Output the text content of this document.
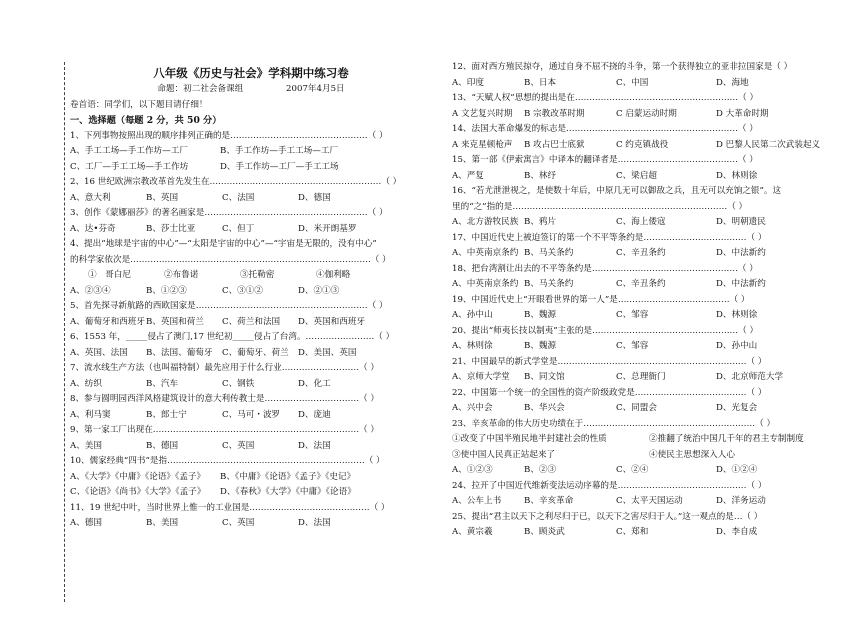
八年级《历史与社会》学科期中练习卷
命题：初二社会备课组	2007年4月5日
卷首语：同学们，以下题目请仔细！
一、选择题（每题 2 分，共 50 分）
1、下列事物按照出现的顺序排列正确的是…………………………………………（ ）
A、手工工场—手工作坊—工厂	B、手工作坊—手工工场—工厂
C、工厂—手工工场—手工作坊	D、手工作坊—工厂—手工工场
2、16 世纪欧洲宗教改革首先发生在……………………………………………………（ ）
A、意大利	B、英国	C、法国	D、德国
3、创作《蒙娜丽莎》的著名画家是…………………………………………………（ ）
A、达•芬奇	B、莎士比亚	C、但丁	D、米开朗基罗
4、提出“地球是宇宙的中心”—“太阳是宇宙的中心”—“宇宙是无限的，没有中心”
的科学家依次是…………………………………………………………………………（ ）
①　哥白尼	②布鲁诺	③托勒密	④伽利略
A、②③④	B、①②③	C、③①②	D、②①③
5、首先探寻新航路的西欧国家是……………………………………………………（ ）
A、葡萄牙和西班牙 B、英国和荷兰	C、荷兰和法国	D、英国和西班牙
6、1553 年，_____侵占了澳门,17 世纪初_____侵占了台湾。……………………（ ）
A、英国、法国	B、法国、葡萄牙	C、葡萄牙、荷兰	D、美国、英国
7、流水线生产方法（也叫福特制）最先应用于什么行业………………………（ ）
A、纺织	B、汽车	C、钢铁	D、化工
8、参与圆明园西洋风格建筑设计的意大利传教士是……………………………（ ）
A、利马窦	B、郎士宁	C、马可・波罗	D、庞迪
9、第一家工厂出现在………………………………………………………………（ ）
A、美国	B、德国	C、英国	D、法国
10、儒家经典“四书”是指……………………………………………………………（ ）
A、《大学》《中庸》《论语》《孟子》	B、《中庸》《论语》《孟子》《史记》
C、《论语》《尚书》《大学》《孟子》	D、《春秋》《大学》《中庸》《论语》
11、19 世纪中叶，当时世界上惟一的工业国是……………………………………（ ）
A、德国	B、美国	C、英国	D、法国
12、面对西方殖民掠夺，通过自身不屈不挠的斗争，第一个获得独立的亚非拉国家是（ ）
A、印度	B、日本	C、中国	D、海地
13、“天赋人权”思想的提出是在…………………………………………………（ ）
A 文艺复兴时期	B 宗教改革时期	C 启蒙运动时期	D 大革命时期
14、法国大革命爆发的标志是……………………………………………………（ ）
A 来克星顿枪声	B 攻占巴士底狱	C 约克镇战役	D 巴黎人民第二次武装起义
15、第一部《伊索寓言》中译本的翻译者是……………………………………（ ）
A、严复	B、林纾	C、梁启超	D、林则徐
16、“若尤泄泄视之，是使数十年后，中原几无可以御敌之兵，且无可以充饷之银”。这
里的“之”指的是…………………………………………………………………（ ）
A、北方游牧民族 B、鸦片	C、海上倭寇	D、明朝遗民
17、中国近代史上被迫签订的第一个不平等条约是………………………………（ ）
A、中英南京条约 B、马关条约	C、辛丑条约	D、中法新约
18、把台湾割让出去的不平等条约是……………………………………………（ ）
A、中英南京条约 B、马关条约	C、辛丑条约	D、中法新约
19、中国近代史上“开眼看世界的第一人”是…………………………………（ ）
A、孙中山	B、魏源	C、邹容	D、林则徐
20、提出“师夷长技以制夷”主张的是……………………………………………（ ）
A、林则徐	B、魏源	C、邹容	D、孙中山
21、中国最早的新式学堂是…………………………………………………………（ ）
A、京师大学堂	B、同文馆	C、总理衙门	D、北京师范大学
22、中国第一个统一的全国性的资产阶级政党是…………………………………（ ）
A、兴中会	B、华兴会	C、同盟会	D、光复会
23、辛亥革命的伟大历史功绩在于……………………………………………………（ ）
①改变了中国半殖民地半封建社会的性质	②推翻了统治中国几千年的君主专制制度
③使中国人民真正站起来了	④使民主思想深入人心
A、①②③	B、②③	C、②④	D、①②④
24、拉开了中国近代维新变法运动序幕的是………………………………………（ ）
A、公车上书	B、辛亥革命	C、太平天国运动	D、洋务运动
25、提出“君主以天下之利尽归于已，以天下之害尽归于人。”这一观点的是…（ ）
A、黄宗羲	B、顾炎武	C、郑和	D、李自成
